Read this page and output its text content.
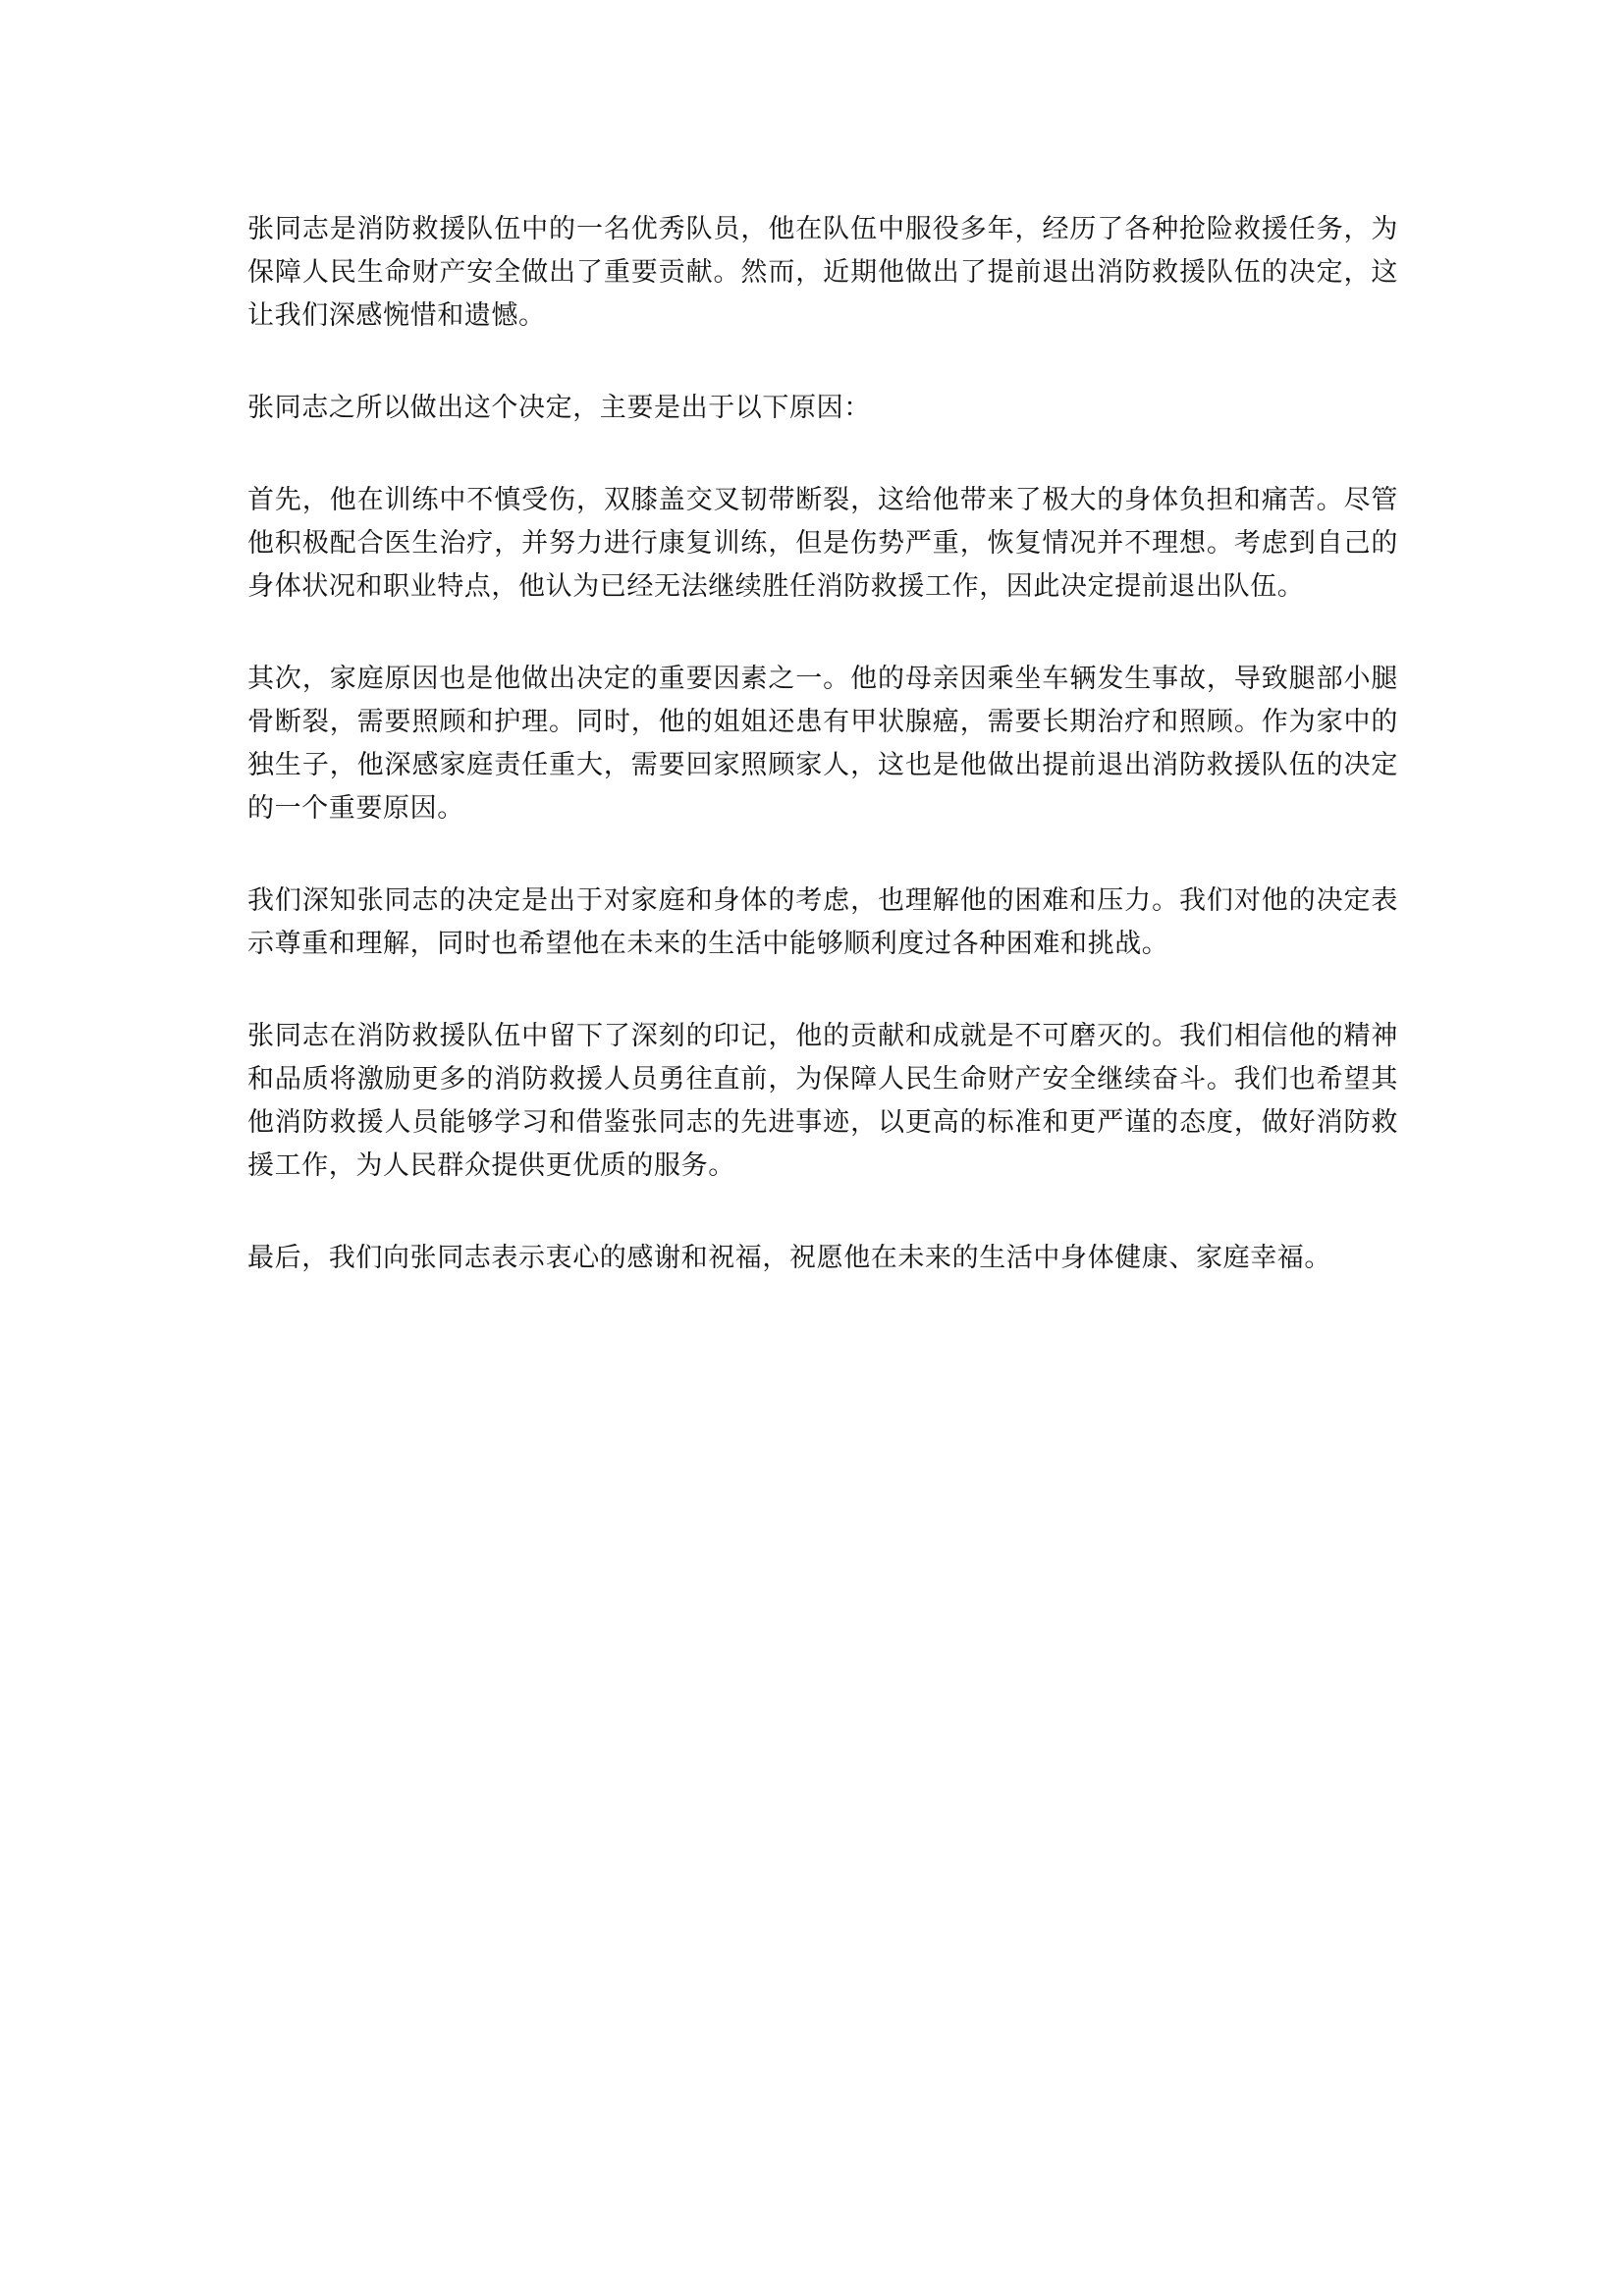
张同志是消防救援队伍中的一名优秀队员，他在队伍中服役多年，经历了各种抢险救援任务，为保障人民生命财产安全做出了重要贡献。然而，近期他做出了提前退出消防救援队伍的决定，这让我们深感惋惜和遗憾。

张同志之所以做出这个决定，主要是出于以下原因：

首先，他在训练中不慎受伤，双膝盖交叉韧带断裂，这给他带来了极大的身体负担和痛苦。尽管他积极配合医生治疗，并努力进行康复训练，但是伤势严重，恢复情况并不理想。考虑到自己的身体状况和职业特点，他认为已经无法继续胜任消防救援工作，因此决定提前退出队伍。

其次，家庭原因也是他做出决定的重要因素之一。他的母亲因乘坐车辆发生事故，导致腿部小腿骨断裂，需要照顾和护理。同时，他的姐姐还患有甲状腺癌，需要长期治疗和照顾。作为家中的独生子，他深感家庭责任重大，需要回家照顾家人，这也是他做出提前退出消防救援队伍的决定的一个重要原因。

我们深知张同志的决定是出于对家庭和身体的考虑，也理解他的困难和压力。我们对他的决定表示尊重和理解，同时也希望他在未来的生活中能够顺利度过各种困难和挑战。

张同志在消防救援队伍中留下了深刻的印记，他的贡献和成就是不可磨灭的。我们相信他的精神和品质将激励更多的消防救援人员勇往直前，为保障人民生命财产安全继续奋斗。我们也希望其他消防救援人员能够学习和借鉴张同志的先进事迹，以更高的标准和更严谨的态度，做好消防救援工作，为人民群众提供更优质的服务。

最后，我们向张同志表示衷心的感谢和祝福，祝愿他在未来的生活中身体健康、家庭幸福。
